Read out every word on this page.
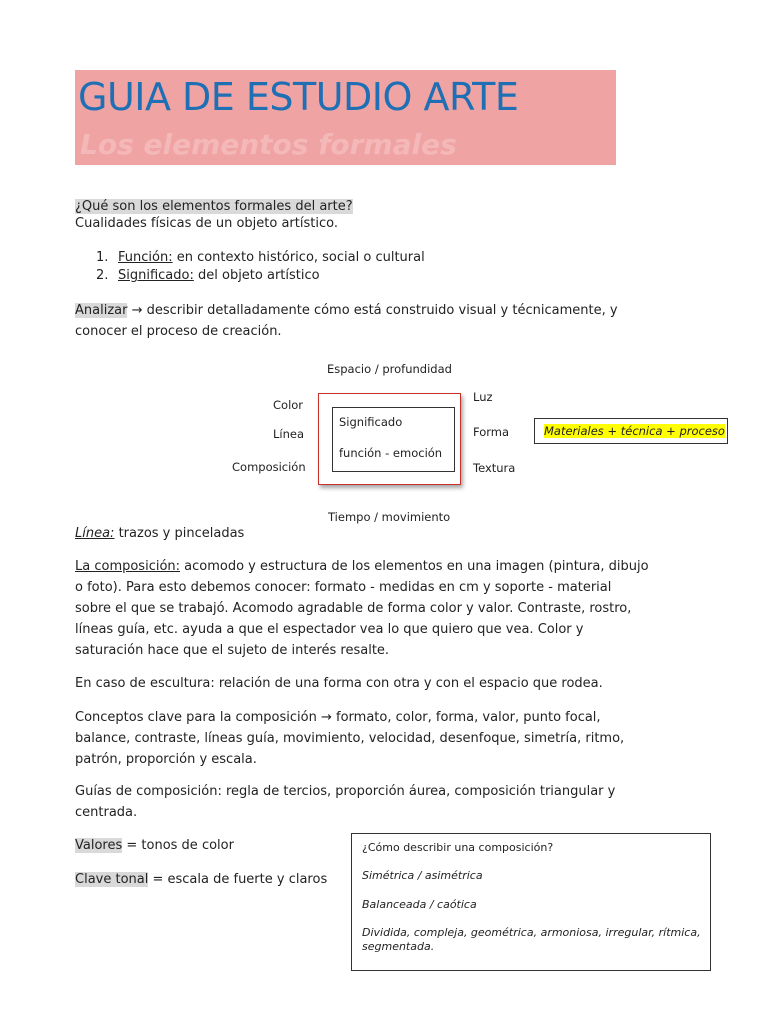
GUIA DE ESTUDIO ARTE
Los elementos formales
¿Qué son los elementos formales del arte?
Cualidades físicas de un objeto artístico.
1. Función: en contexto histórico, social o cultural
2. Significado: del objeto artístico
Analizar → describir detalladamente cómo está construido visual y técnicamente, y
conocer el proceso de creación.
Espacio / profundidad
Color
Línea
Composición
Luz
Forma
Textura
Significado
función - emoción
Tiempo / movimiento
Materiales + técnica + proceso
Línea: trazos y pinceladas
La composición: acomodo y estructura de los elementos en una imagen (pintura, dibujo
o foto). Para esto debemos conocer: formato - medidas en cm y soporte - material
sobre el que se trabajó. Acomodo agradable de forma color y valor. Contraste, rostro,
líneas guía, etc. ayuda a que el espectador vea lo que quiero que vea. Color y
saturación hace que el sujeto de interés resalte.
En caso de escultura: relación de una forma con otra y con el espacio que rodea.
Conceptos clave para la composición → formato, color, forma, valor, punto focal,
balance, contraste, líneas guía, movimiento, velocidad, desenfoque, simetría, ritmo,
patrón, proporción y escala.
Guías de composición: regla de tercios, proporción áurea, composición triangular y
centrada.
Valores = tonos de color
Clave tonal = escala de fuerte y claros
¿Cómo describir una composición?
Simétrica / asimétrica
Balanceada / caótica
Dividida, compleja, geométrica, armoniosa, irregular, rítmica,
segmentada.
